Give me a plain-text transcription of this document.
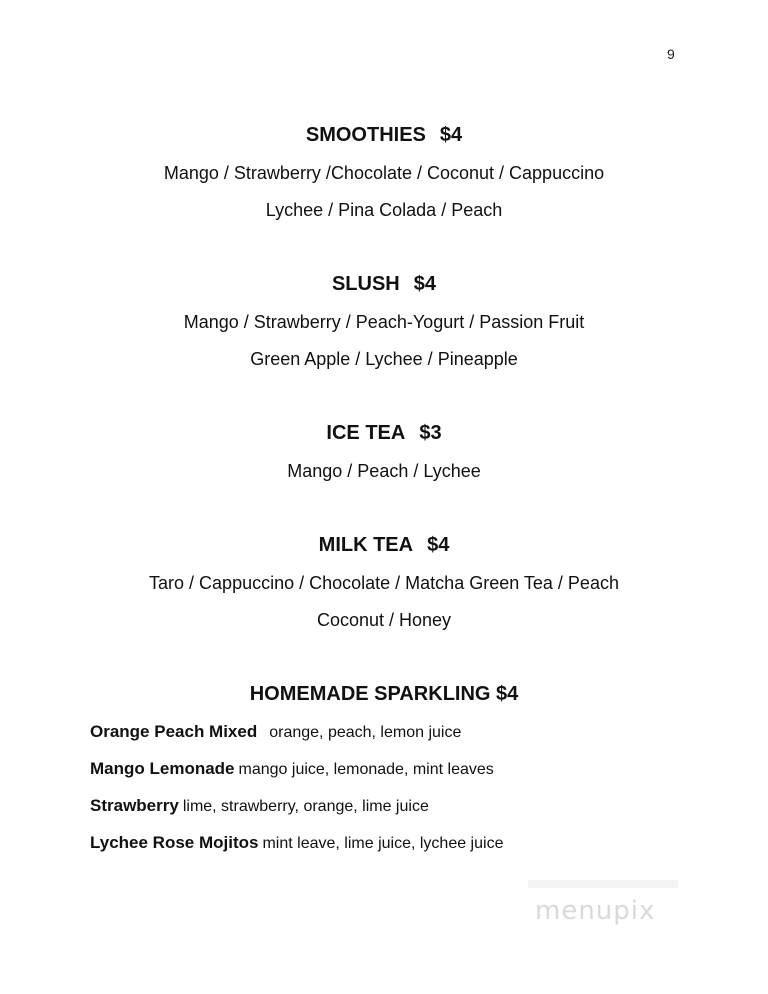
9
SMOOTHIES $4
Mango / Strawberry /Chocolate / Coconut / Cappuccino
Lychee / Pina Colada / Peach
SLUSH $4
Mango / Strawberry / Peach-Yogurt / Passion Fruit
Green Apple / Lychee / Pineapple
ICE TEA $3
Mango / Peach / Lychee
MILK TEA $4
Taro / Cappuccino / Chocolate / Matcha Green Tea / Peach
Coconut / Honey
HOMEMADE SPARKLING $4
Orange Peach Mixed orange, peach, lemon juice
Mango Lemonade mango juice, lemonade, mint leaves
Strawberry lime, strawberry, orange, lime juice
Lychee Rose Mojitos mint leave, lime juice, lychee juice
menupix
